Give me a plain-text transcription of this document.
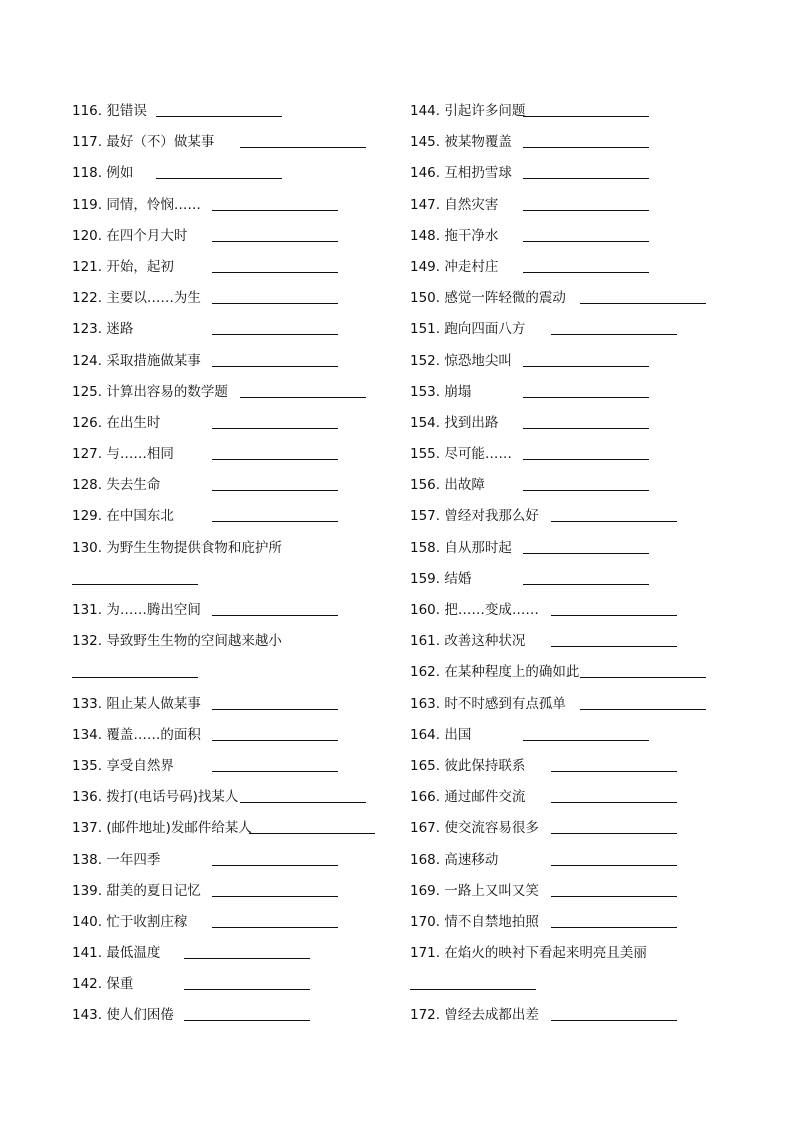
116. 犯错误
117. 最好（不）做某事
118. 例如
119. 同情，怜悯……
120. 在四个月大时
121. 开始，起初
122. 主要以……为生
123. 迷路
124. 采取措施做某事
125. 计算出容易的数学题
126. 在出生时
127. 与……相同
128. 失去生命
129. 在中国东北
130. 为野生生物提供食物和庇护所
131. 为……腾出空间
132. 导致野生生物的空间越来越小
133. 阻止某人做某事
134. 覆盖……的面积
135. 享受自然界
136. 拨打(电话号码)找某人
137. (邮件地址)发邮件给某人
138. 一年四季
139. 甜美的夏日记忆
140. 忙于收割庄稼
141. 最低温度
142. 保重
143. 使人们困倦
144. 引起许多问题
145. 被某物覆盖
146. 互相扔雪球
147. 自然灾害
148. 拖干净水
149. 冲走村庄
150. 感觉一阵轻微的震动
151. 跑向四面八方
152. 惊恐地尖叫
153. 崩塌
154. 找到出路
155. 尽可能……
156. 出故障
157. 曾经对我那么好
158. 自从那时起
159. 结婚
160. 把……变成……
161. 改善这种状况
162. 在某种程度上的确如此
163. 时不时感到有点孤单
164. 出国
165. 彼此保持联系
166. 通过邮件交流
167. 使交流容易很多
168. 高速移动
169. 一路上又叫又笑
170. 情不自禁地拍照
171. 在焰火的映衬下看起来明亮且美丽
172. 曾经去成都出差
